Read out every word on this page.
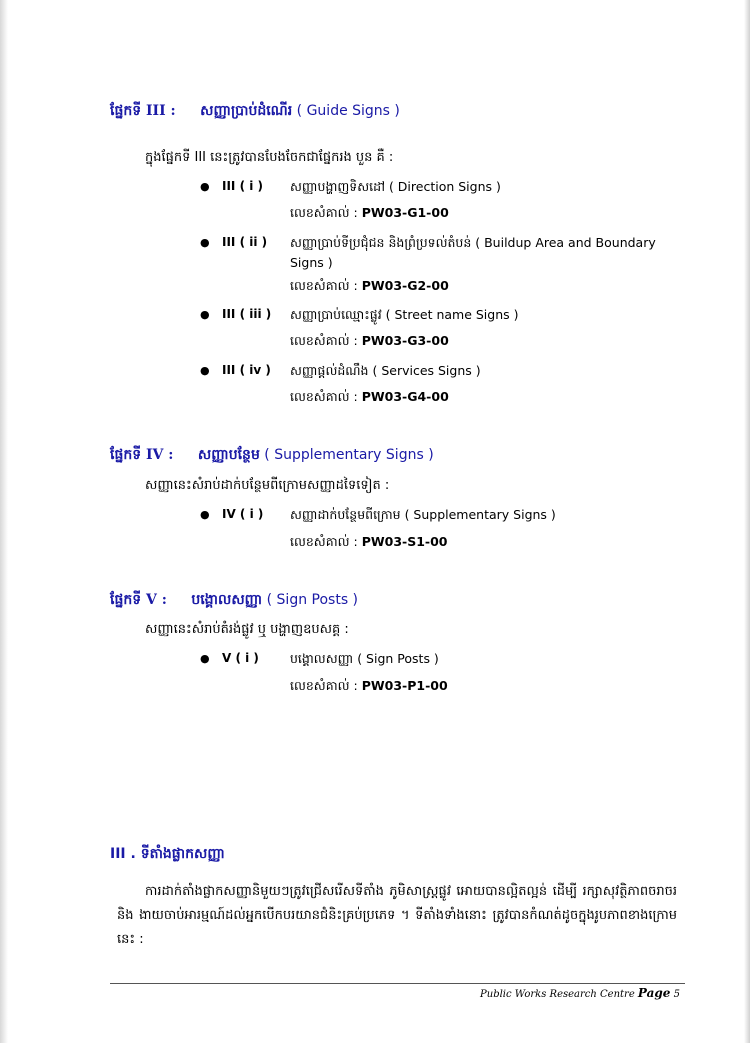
ផ្នែកទី III : សញ្ញាប្រាប់ដំណើរ ( Guide Signs )
ក្នុងផ្នែកទី III នេះត្រូវបានបែងចែកជាផ្នែករង បួន គឺ :
● III ( i ) សញ្ញាបង្ហាញទិសដៅ ( Direction Signs )
លេខសំគាល់ : PW03-G1-00
● III ( ii ) សញ្ញាប្រាប់ទីប្រជុំជន និងព្រំប្រទល់តំបន់ ( Buildup Area and Boundary Signs )
លេខសំគាល់ : PW03-G2-00
● III ( iii ) សញ្ញាប្រាប់ឈ្មោះផ្លូវ ( Street name Signs )
លេខសំគាល់ : PW03-G3-00
● III ( iv ) សញ្ញាផ្តល់ដំណឹង ( Services Signs )
លេខសំគាល់ : PW03-G4-00
ផ្នែកទី IV : សញ្ញាបន្ថែម ( Supplementary Signs )
សញ្ញានេះសំរាប់ដាក់បន្ថែមពីក្រោមសញ្ញាដទៃទៀត :
● IV ( i ) សញ្ញាដាក់បន្ថែមពីក្រោម ( Supplementary Signs )
លេខសំគាល់ : PW03-S1-00
ផ្នែកទី V : បង្គោលសញ្ញា ( Sign Posts )
សញ្ញានេះសំរាប់តំរង់ផ្លូវ ឬ បង្ហាញឧបសគ្គ :
● V ( i ) បង្គោលសញ្ញា ( Sign Posts )
លេខសំគាល់ : PW03-P1-00
III . ទីតាំងផ្លាកសញ្ញា
ការដាក់តាំងផ្លាកសញ្ញានិមួយៗត្រូវជ្រើសរើសទីតាំង ភូមិសាស្ត្រផ្លូវ អោយបានល្អិតល្អន់ ដើម្បី រក្សាសុវត្ថិភាពចរាចរ និង ងាយចាប់អារម្មណ៍ដល់អ្នកបើកបរយានជំនិះគ្រប់ប្រភេទ ។ ទីតាំងទាំងនោះ ត្រូវបានកំណត់ដូចក្នុងរូបភាពខាងក្រោម នេះ :
Public Works Research Centre Page 5
